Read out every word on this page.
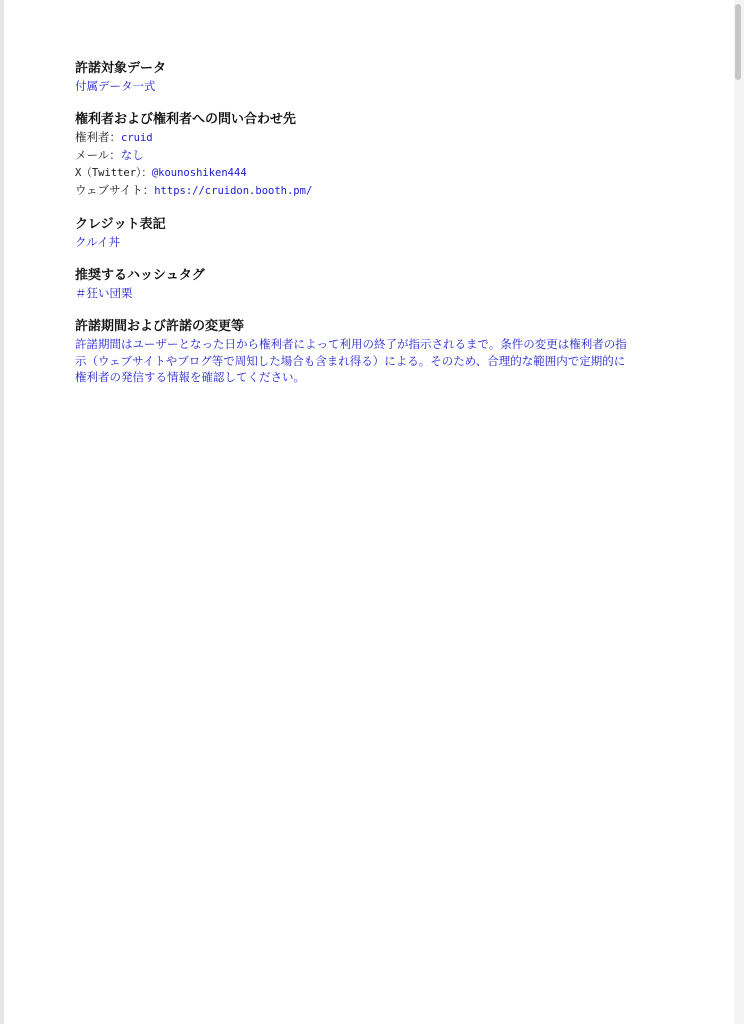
許諾対象データ

付属データ一式

権利者および権利者への問い合わせ先

権利者：cruid

メール：なし

X（Twitter）：@kounoshiken444

ウェブサイト：https://cruidon.booth.pm/

クレジット表記

クルイ丼

推奨するハッシュタグ

＃狂い団栗

許諾期間および許諾の変更等

許諾期間はユーザーとなった日から権利者によって利用の終了が指示されるまで。条件の変更は権利者の指

示（ウェブサイトやブログ等で周知した場合も含まれ得る）による。そのため、合理的な範囲内で定期的に

権利者の発信する情報を確認してください。
